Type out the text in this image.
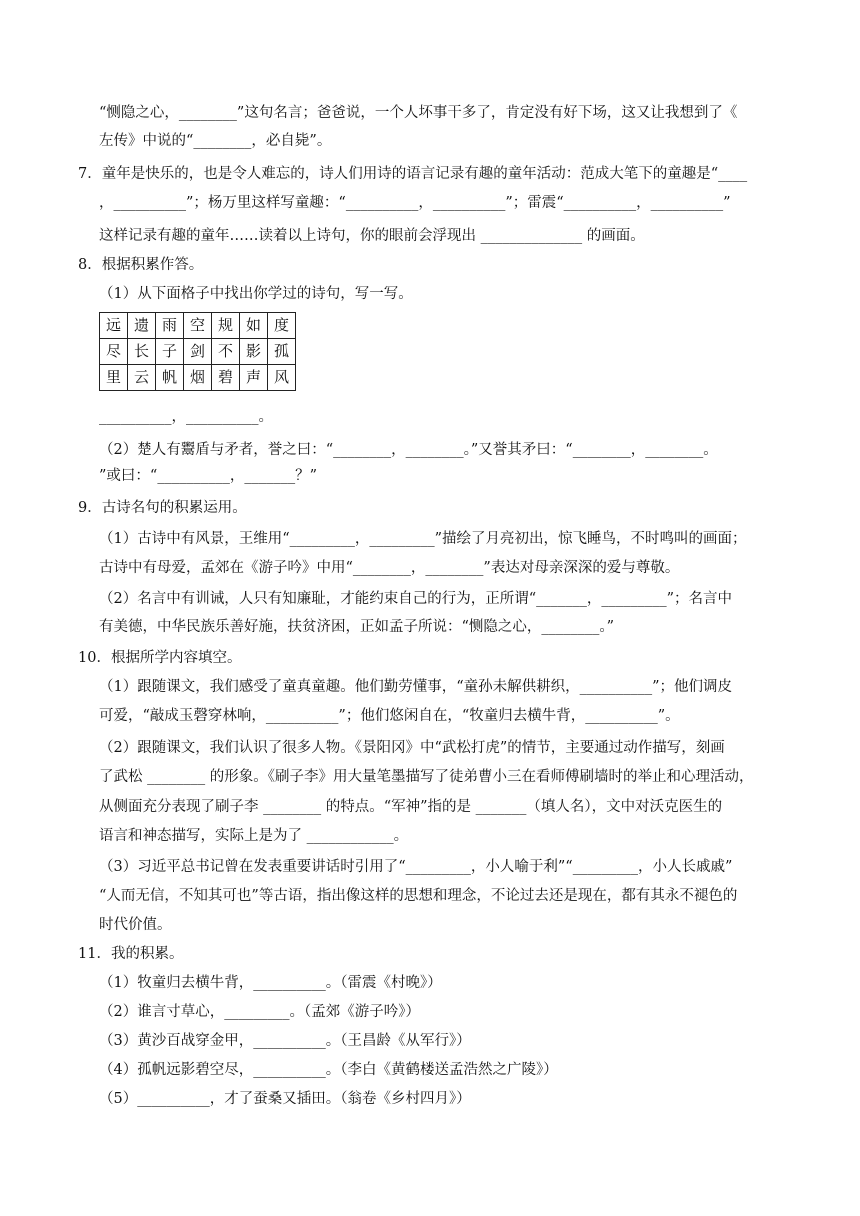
“恻隐之心，________”这句名言；爸爸说，一个人坏事干多了，肯定没有好下场，这又让我想到了《
左传》中说的“________，必自毙”。
7．童年是快乐的，也是令人难忘的，诗人们用诗的语言记录有趣的童年活动：范成大笔下的童趣是“____
，__________”；杨万里这样写童趣：“__________，__________”；雷震“__________，__________”
这样记录有趣的童年……读着以上诗句，你的眼前会浮现出 ______________ 的画面。
8．根据积累作答。
（1）从下面格子中找出你学过的诗句，写一写。
远	遗	雨	空	规	如	度
尽	长	子	剑	不	影	孤
里	云	帆	烟	碧	声	风
__________，__________。
（2）楚人有鬻盾与矛者，誉之曰：“________，________。”又誉其矛曰：“________，________。
”或曰：“__________，_______？”
9．古诗名句的积累运用。
（1）古诗中有风景，王维用“_________，_________”描绘了月亮初出，惊飞睡鸟，不时鸣叫的画面；
古诗中有母爱，孟郊在《游子吟》中用“________，________”表达对母亲深深的爱与尊敬。
（2）名言中有训诫，人只有知廉耻，才能约束自己的行为，正所谓“_______，_________”；名言中
有美德，中华民族乐善好施，扶贫济困，正如孟子所说：“恻隐之心，________。”
10．根据所学内容填空。
（1）跟随课文，我们感受了童真童趣。他们勤劳懂事，“童孙未解供耕织，__________”；他们调皮
可爱，“敲成玉磬穿林响，__________”；他们悠闲自在，“牧童归去横牛背，__________”。
（2）跟随课文，我们认识了很多人物。《景阳冈》中“武松打虎”的情节，主要通过动作描写，刻画
了武松 ________ 的形象。《刷子李》用大量笔墨描写了徒弟曹小三在看师傅刷墙时的举止和心理活动，
从侧面充分表现了刷子李 ________ 的特点。“军神”指的是 _______（填人名），文中对沃克医生的
语言和神态描写，实际上是为了 ____________。
（3）习近平总书记曾在发表重要讲话时引用了“_________，小人喻于利”“_________，小人长戚戚”
“人而无信，不知其可也”等古语，指出像这样的思想和理念，不论过去还是现在，都有其永不褪色的
时代价值。
11．我的积累。
（1）牧童归去横牛背，__________。（雷震《村晚》）
（2）谁言寸草心，_________。（孟郊《游子吟》）
（3）黄沙百战穿金甲，__________。（王昌龄《从军行》）
（4）孤帆远影碧空尽，__________。（李白《黄鹤楼送孟浩然之广陵》）
（5）__________，才了蚕桑又插田。（翁卷《乡村四月》）
